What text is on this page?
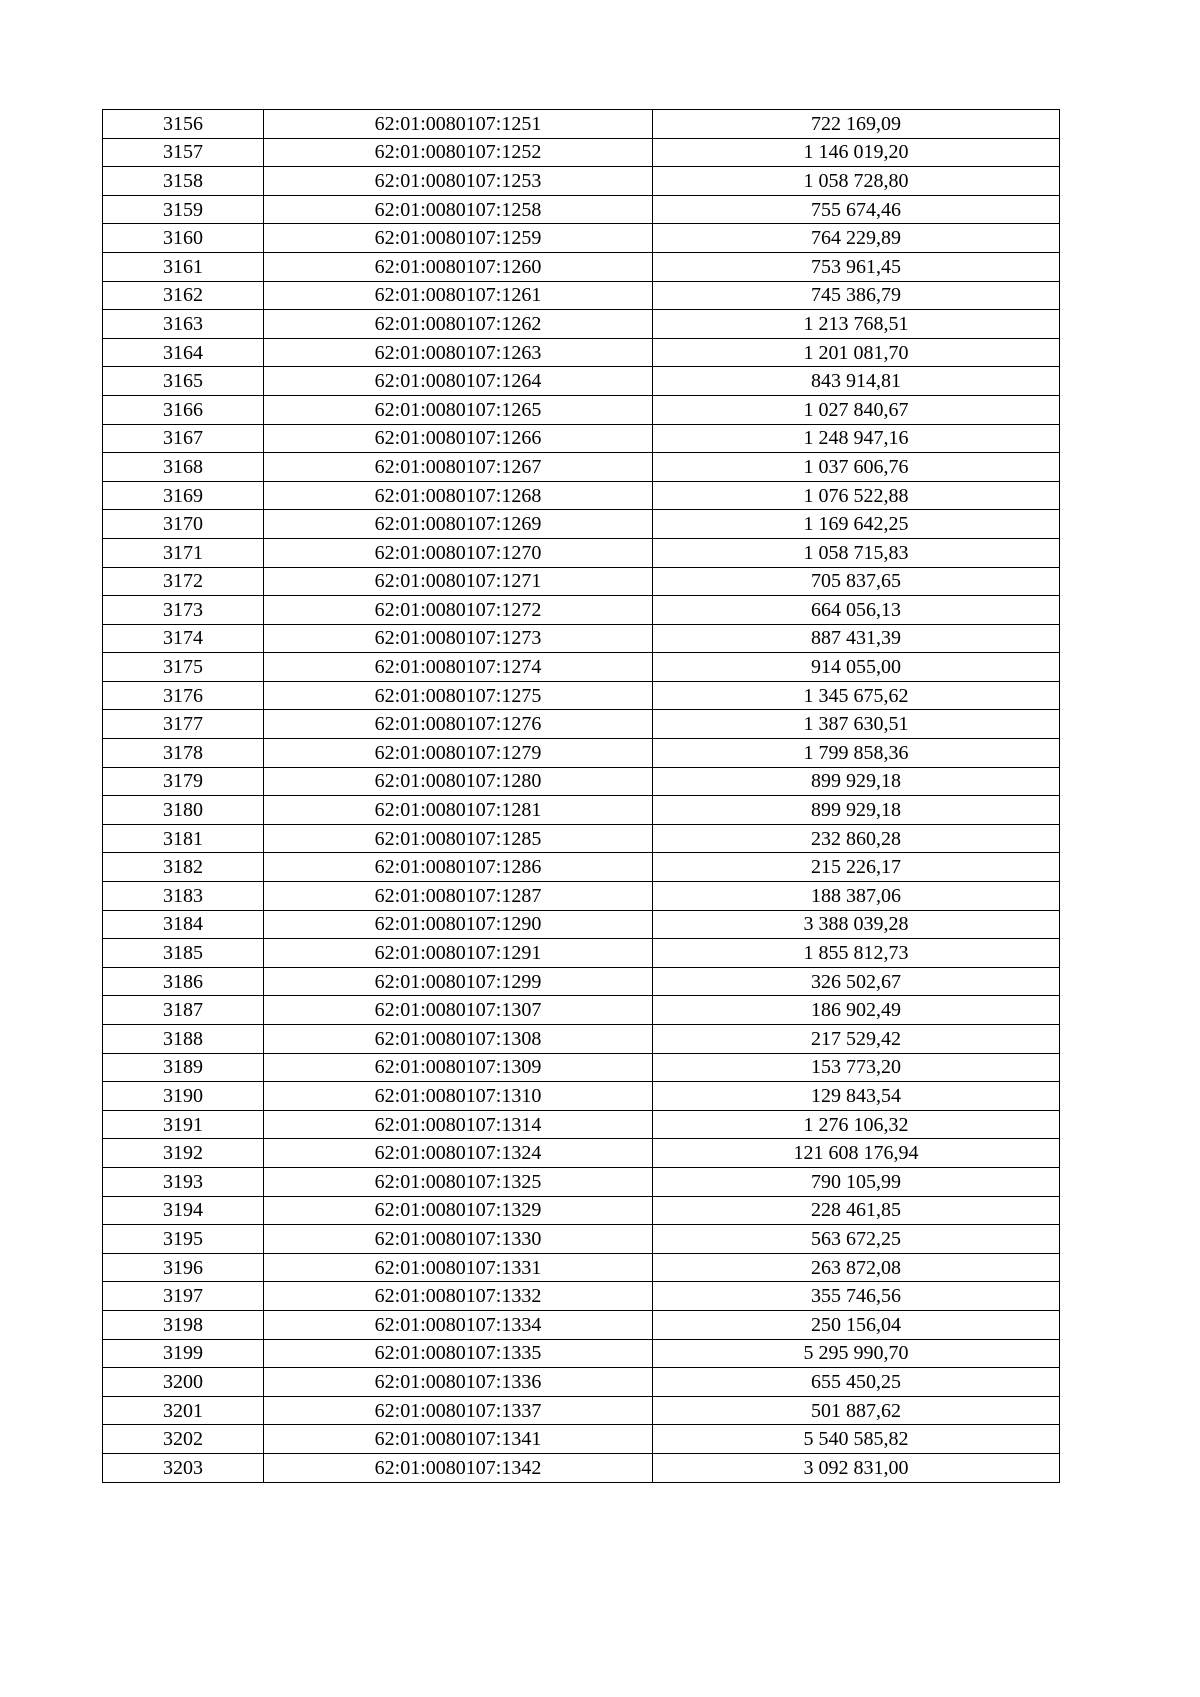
3156	62:01:0080107:1251	722 169,09
3157	62:01:0080107:1252	1 146 019,20
3158	62:01:0080107:1253	1 058 728,80
3159	62:01:0080107:1258	755 674,46
3160	62:01:0080107:1259	764 229,89
3161	62:01:0080107:1260	753 961,45
3162	62:01:0080107:1261	745 386,79
3163	62:01:0080107:1262	1 213 768,51
3164	62:01:0080107:1263	1 201 081,70
3165	62:01:0080107:1264	843 914,81
3166	62:01:0080107:1265	1 027 840,67
3167	62:01:0080107:1266	1 248 947,16
3168	62:01:0080107:1267	1 037 606,76
3169	62:01:0080107:1268	1 076 522,88
3170	62:01:0080107:1269	1 169 642,25
3171	62:01:0080107:1270	1 058 715,83
3172	62:01:0080107:1271	705 837,65
3173	62:01:0080107:1272	664 056,13
3174	62:01:0080107:1273	887 431,39
3175	62:01:0080107:1274	914 055,00
3176	62:01:0080107:1275	1 345 675,62
3177	62:01:0080107:1276	1 387 630,51
3178	62:01:0080107:1279	1 799 858,36
3179	62:01:0080107:1280	899 929,18
3180	62:01:0080107:1281	899 929,18
3181	62:01:0080107:1285	232 860,28
3182	62:01:0080107:1286	215 226,17
3183	62:01:0080107:1287	188 387,06
3184	62:01:0080107:1290	3 388 039,28
3185	62:01:0080107:1291	1 855 812,73
3186	62:01:0080107:1299	326 502,67
3187	62:01:0080107:1307	186 902,49
3188	62:01:0080107:1308	217 529,42
3189	62:01:0080107:1309	153 773,20
3190	62:01:0080107:1310	129 843,54
3191	62:01:0080107:1314	1 276 106,32
3192	62:01:0080107:1324	121 608 176,94
3193	62:01:0080107:1325	790 105,99
3194	62:01:0080107:1329	228 461,85
3195	62:01:0080107:1330	563 672,25
3196	62:01:0080107:1331	263 872,08
3197	62:01:0080107:1332	355 746,56
3198	62:01:0080107:1334	250 156,04
3199	62:01:0080107:1335	5 295 990,70
3200	62:01:0080107:1336	655 450,25
3201	62:01:0080107:1337	501 887,62
3202	62:01:0080107:1341	5 540 585,82
3203	62:01:0080107:1342	3 092 831,00
